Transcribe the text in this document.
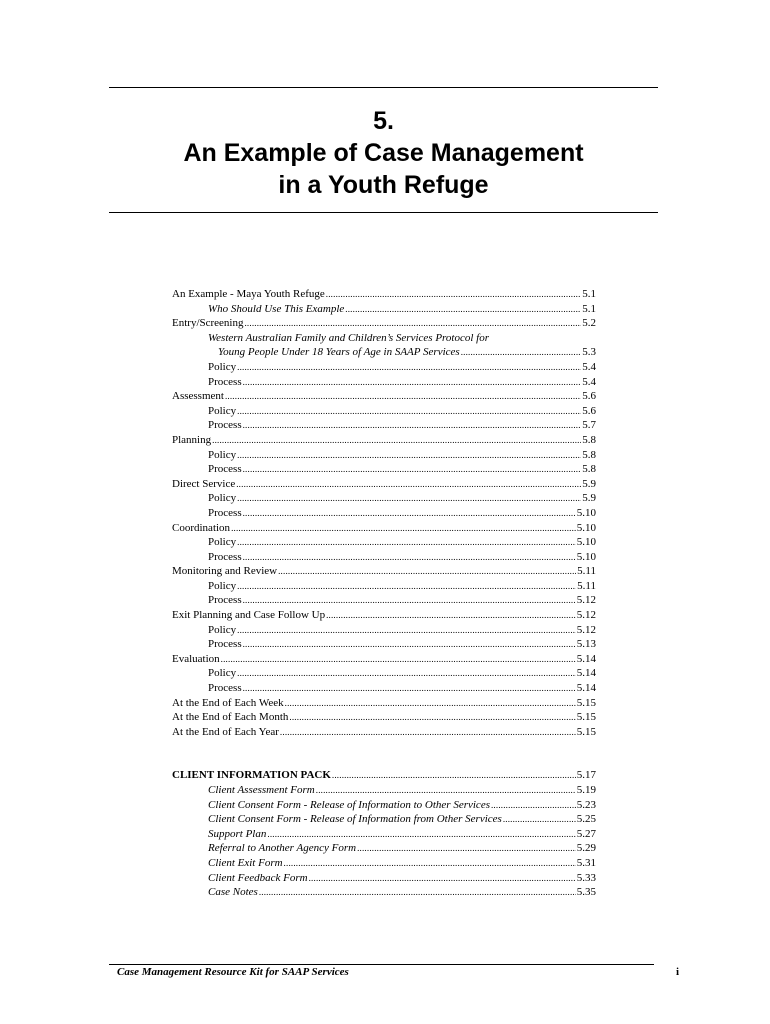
5.
An Example of Case Management
in a Youth Refuge
An Example - Maya Youth Refuge .....	5.1
Who Should Use This Example .....	5.1
Entry/Screening .....	5.2
Western Australian Family and Children’s Services Protocol for
Young People Under 18 Years of Age in SAAP Services .....	5.3
Policy .....	5.4
Process .....	5.4
Assessment .....	5.6
Policy .....	5.6
Process .....	5.7
Planning .....	5.8
Policy .....	5.8
Process .....	5.8
Direct Service .....	5.9
Policy .....	5.9
Process .....	5.10
Coordination .....	5.10
Policy .....	5.10
Process .....	5.10
Monitoring and Review .....	5.11
Policy .....	5.11
Process .....	5.12
Exit Planning and Case Follow Up .....	5.12
Policy .....	5.12
Process .....	5.13
Evaluation .....	5.14
Policy .....	5.14
Process .....	5.14
At the End of Each Week .....	5.15
At the End of Each Month .....	5.15
At the End of Each Year .....	5.15
CLIENT INFORMATION PACK .....	5.17
Client Assessment Form .....	5.19
Client Consent Form - Release of Information to Other Services .....	5.23
Client Consent Form - Release of Information from Other Services .....	5.25
Support Plan .....	5.27
Referral to Another Agency Form .....	5.29
Client Exit Form .....	5.31
Client Feedback Form .....	5.33
Case Notes .....	5.35
Case Management Resource Kit for SAAP Services	i
